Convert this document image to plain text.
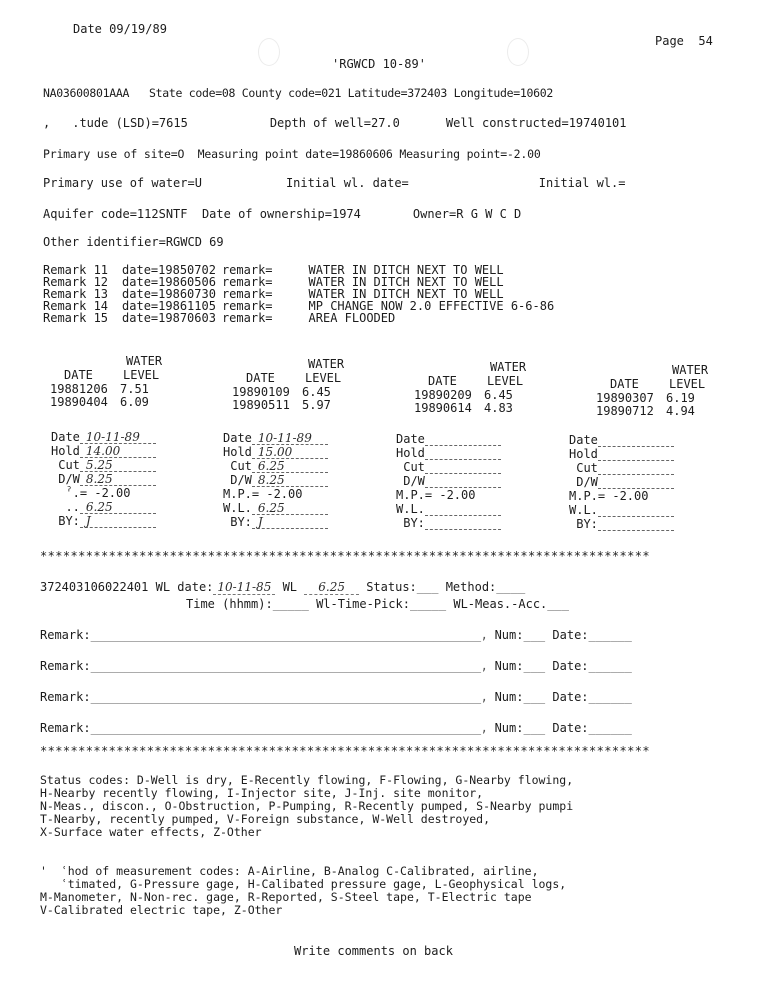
Date 09/19/89
Page  54
'RGWCD 10-89'
NA03600801AAA   State code=08 County code=021 Latitude=372403 Longitude=10602
, .tude (LSD)=7615	Depth of well=27.0	Well constructed=19740101
Primary use of site=O  Measuring point date=19860606 Measuring point=-2.00
Primary use of water=U	Initial wl. date=	Initial wl.=
Aquifer code=112SNTF  Date of ownership=1974	Owner=R G W C D
Other identifier=RGWCD 69
Remark 11 date=19850702 remark=	WATER IN DITCH NEXT TO WELL
Remark 12 date=19860506 remark=	WATER IN DITCH NEXT TO WELL
Remark 13 date=19860730 remark=	WATER IN DITCH NEXT TO WELL
Remark 14 date=19861105 remark=	MP CHANGE NOW 2.0 EFFECTIVE 6-6-86
Remark 15 date=19870603 remark=	AREA FLOODED
WATER
DATE	LEVEL
19881206 7.51
19890404 6.09
WATER
DATE	LEVEL
19890109 6.45
19890511 5.97
WATER
DATE	LEVEL
19890209 6.45
19890614 4.83
WATER
DATE	LEVEL
19890307 6.19
19890712 4.94
Date 10-11-89
Hold 14.00
Cut 5.25
D/W 8.25
ˀ.= -2.00
.. 6.25
BY: J
Date 10-11-89
Hold 15.00
Cut 6.25
D/W 8.25
M.P.= -2.00
W.L. 6.25
BY: J
Date
Hold
Cut
D/W
M.P.= -2.00
W.L.
BY:
Date
Hold
Cut
D/W
M.P.= -2.00
W.L.
BY:
********************************************************************************
372403106022401 WL date: 10-11-85 WL 6.25 Status:___ Method:____
Time (hhmm):_____ Wl-Time-Pick:_____ WL-Meas.-Acc.___
Remark:__________________________________________________________, Num:___ Date:______
Remark:__________________________________________________________, Num:___ Date:______
Remark:__________________________________________________________, Num:___ Date:______
Remark:__________________________________________________________, Num:___ Date:______
********************************************************************************
Status codes: D-Well is dry, E-Recently flowing, F-Flowing, G-Nearby flowing,
H-Nearby recently flowing, I-Injector site, J-Inj. site monitor,
N-Meas., discon., O-Obstruction, P-Pumping, R-Recently pumped, S-Nearby pumpi
T-Nearby, recently pumped, V-Foreign substance, W-Well destroyed,
X-Surface water effects, Z-Other
'  ʿhod of measurement codes: A-Airline, B-Analog C-Calibrated, airline,
ʿtimated, G-Pressure gage, H-Calibated pressure gage, L-Geophysical logs,
M-Manometer, N-Non-rec. gage, R-Reported, S-Steel tape, T-Electric tape
V-Calibrated electric tape, Z-Other
Write comments on back
